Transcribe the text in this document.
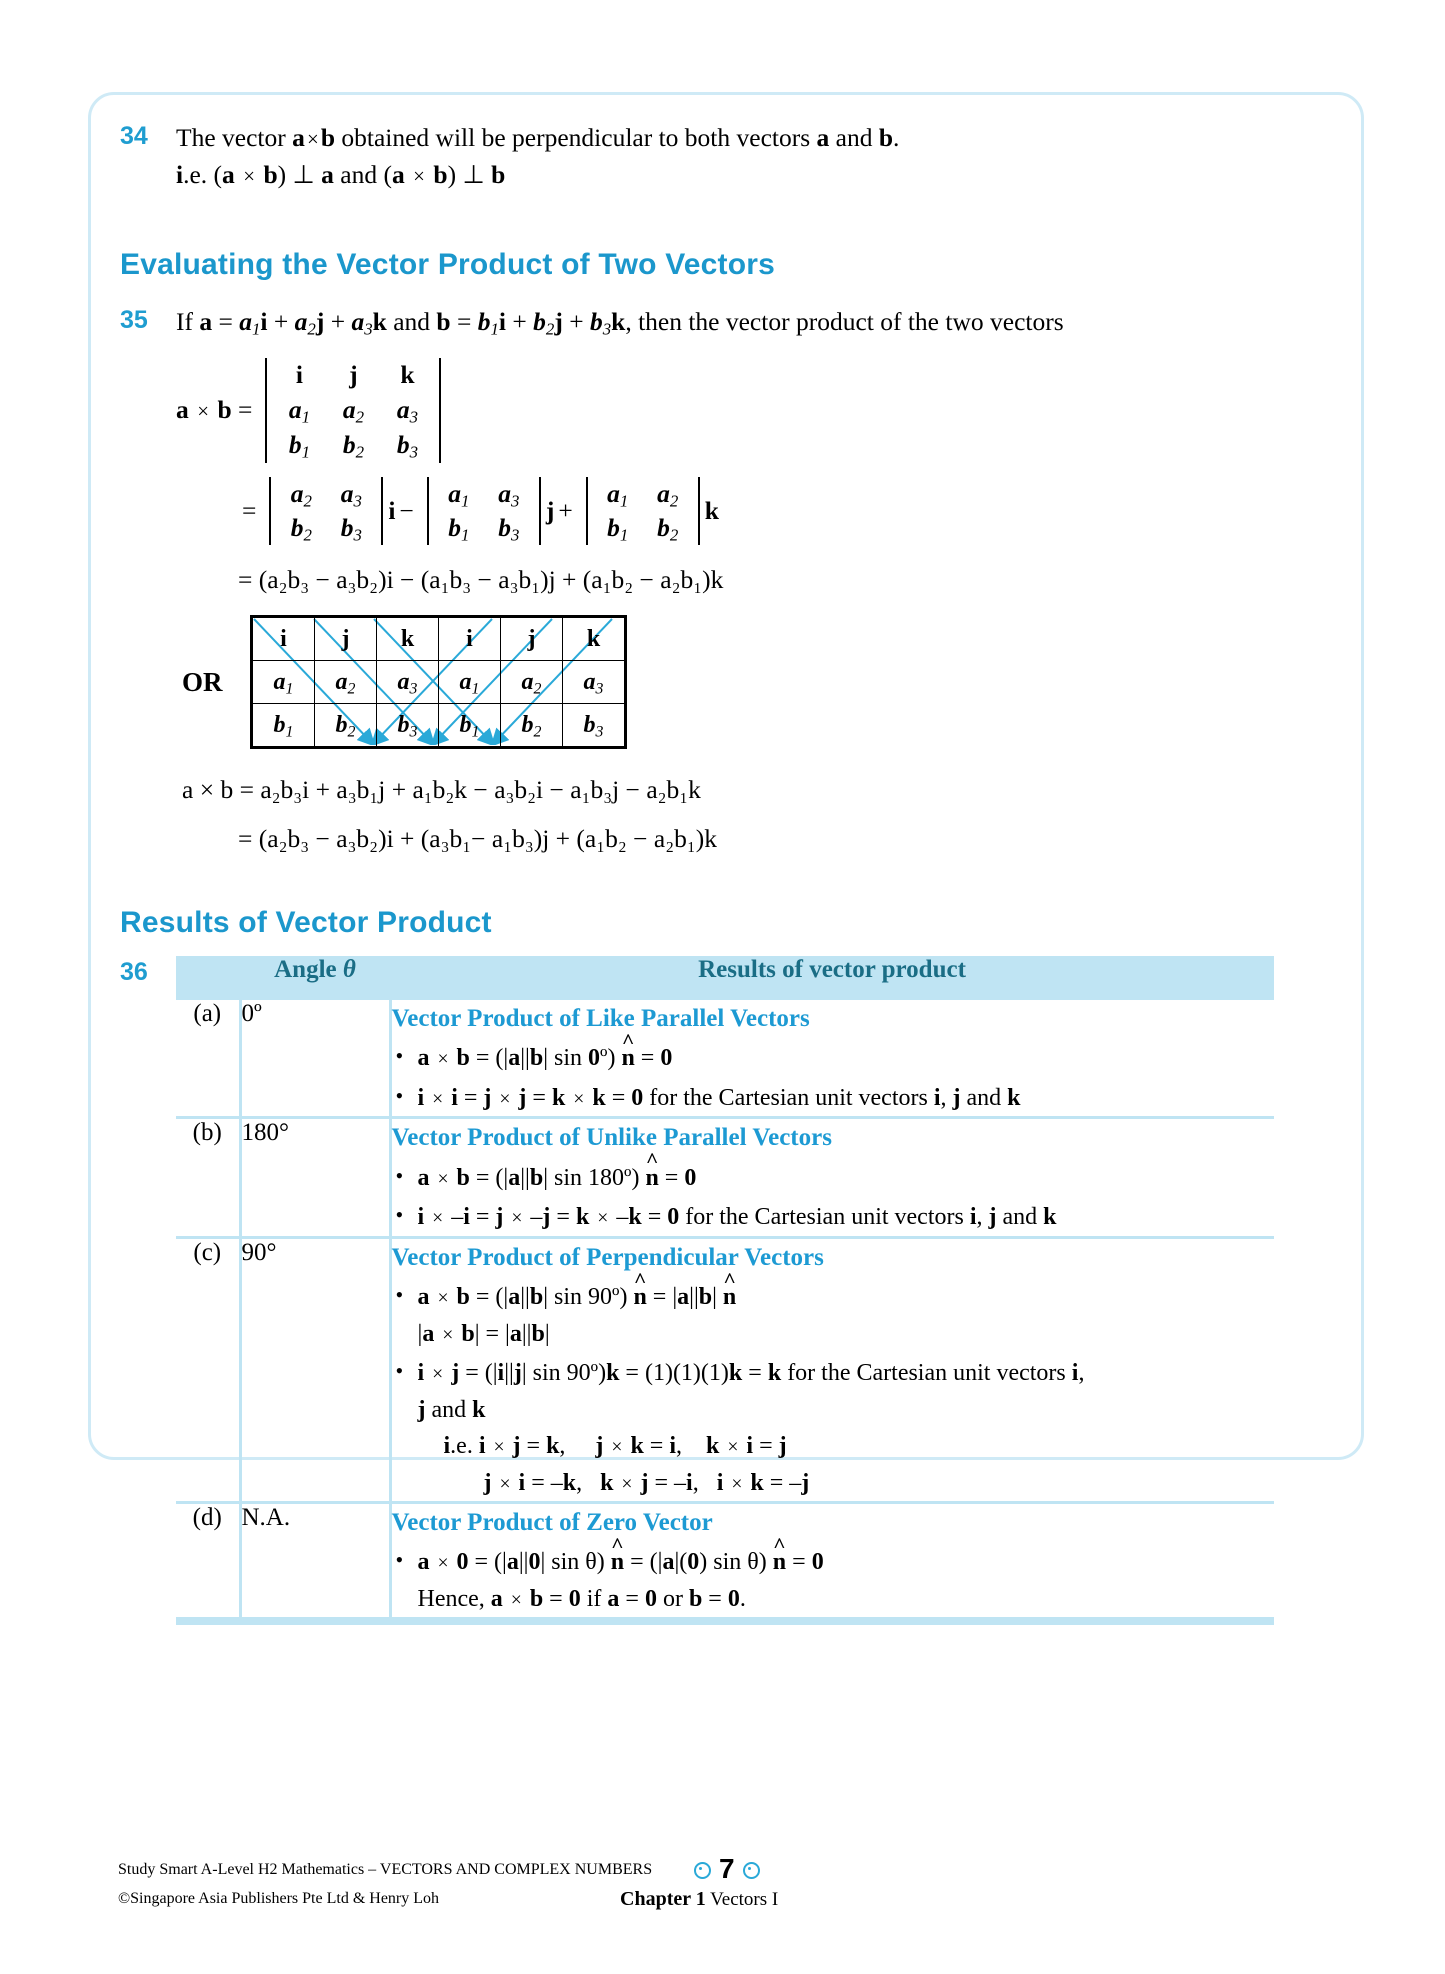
34	The vector a×b obtained will be perpendicular to both vectors a and b.
i.e. (a × b) ⊥ a and (a × b) ⊥ b
Evaluating the Vector Product of Two Vectors
35	If $a = a_1i + a_2j + a_3k$ and $b = b_1i + b_2j + b_3k$, then the vector product of the two vectors
a × b =
i j k
$a_1$ $a_2$ $a_3$
$b_1$ $b_2$ $b_3$
=
$a_2$ $a_3$
$b_2$ $b_3$
i −
$a_1$ $a_3$
$b_1$ $b_3$
j +
$a_1$ $a_2$
$b_1$ $b_2$
k
= (a₂b₃ − a₃b₂)i − (a₁b₃ − a₃b₁)j + (a₁b₂ − a₂b₁)k
OR
i	j	k	i	j	k
$a_1$	$a_2$	$a_3$	$a_1$	$a_2$	$a_3$
$b_1$	$b_2$	$b_3$	$b_1$	$b_2$	$b_3$
a × b = a₂b₃i + a₃b₁j + a₁b₂k − a₃b₂i − a₁b₃j − a₂b₁k
= (a₂b₃ − a₃b₂)i + (a₃b₁− a₁b₃)j + (a₁b₂ − a₂b₁)k
Results of Vector Product
36
		Angle θ	Results of vector product
(a)	0º	Vector Product of Like Parallel Vectors
• a × b = (|a||b| sin 0º) ^ n = 0
• i × i = j × j = k × k = 0 for the Cartesian unit vectors i, j and k

(b)	180°	Vector Product of Unlike Parallel Vectors
• a × b = (|a||b| sin 180º) ^ n = 0
• i × –i = j × –j = k × –k = 0 for the Cartesian unit vectors i, j and k

(c)	90°	Vector Product of Perpendicular Vectors
• a × b = (|a||b| sin 90º) ^ n = |a||b| ^ n
|a × b| = |a||b|
• i × j = (|i||j| sin 90º)k = (1)(1)(1)k = k for the Cartesian unit vectors i,
j and k
i.e. i × j = k,     j × k = i,    k × i = j
j × i = –k,   k × j = –i,   i × k = –j

(d)	N.A.	Vector Product of Zero Vector
• a × 0 = (|a||0| sin θ) ^ n = (|a|(0) sin θ) ^ n = 0
Hence, a × b = 0 if a = 0 or b = 0.

Study Smart A-Level H2 Mathematics – VECTORS AND COMPLEX NUMBERS
©Singapore Asia Publishers Pte Ltd & Henry Loh
7
Chapter 1 Vectors I
